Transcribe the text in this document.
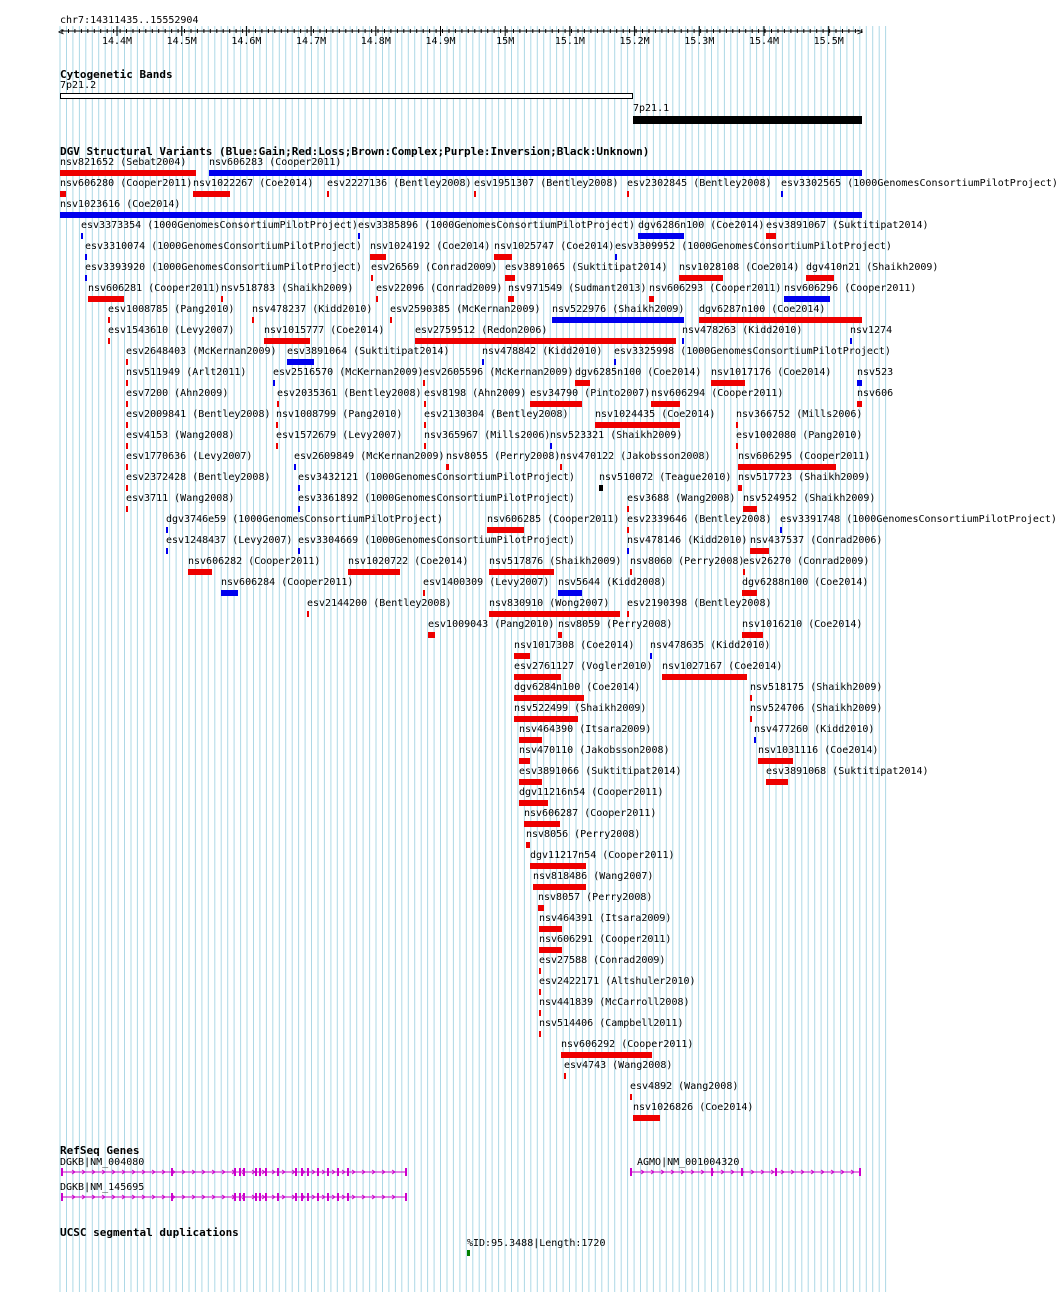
chr7:14311435..15552904
14.4M	14.5M	14.6M	14.7M	14.8M	14.9M	15M	15.1M	15.2M	15.3M	15.4M	15.5M
<	>
Cytogenetic Bands
7p21.2
7p21.1
DGV Structural Variants (Blue:Gain;Red:Loss;Brown:Complex;Purple:Inversion;Black:Unknown)
nsv821652 (Sebat2004) nsv606283 (Cooper2011)
nsv606280 (Cooper2011) nsv1022267 (Coe2014) esv2227136 (Bentley2008) esv1951307 (Bentley2008) esv2302845 (Bentley2008) esv3302565 (1000GenomesConsortiumPilotProject)
nsv1023616 (Coe2014)
esv3373354 (1000GenomesConsortiumPilotProject) esv3385896 (1000GenomesConsortiumPilotProject) dgv6286n100 (Coe2014) esv3891067 (Suktitipat2014)
esv3310074 (1000GenomesConsortiumPilotProject) nsv1024192 (Coe2014) nsv1025747 (Coe2014) esv3309952 (1000GenomesConsortiumPilotProject)
esv3393920 (1000GenomesConsortiumPilotProject) esv26569 (Conrad2009) esv3891065 (Suktitipat2014) nsv1028108 (Coe2014) dgv410n21 (Shaikh2009)
nsv606281 (Cooper2011) nsv518783 (Shaikh2009) esv22096 (Conrad2009) nsv971549 (Sudmant2013) nsv606293 (Cooper2011) nsv606296 (Cooper2011)
esv1008785 (Pang2010) nsv478237 (Kidd2010) esv2590385 (McKernan2009) nsv522976 (Shaikh2009) dgv6287n100 (Coe2014)
esv1543610 (Levy2007)	nsv1015777 (Coe2014)	esv2759512 (Redon2006)	nsv478263 (Kidd2010)	nsv1274
esv2648403 (McKernan2009) esv3891064 (Suktitipat2014)	nsv478842 (Kidd2010) esv3325998 (1000GenomesConsortiumPilotProject)
nsv511949 (Arlt2011)	esv2516570 (McKernan2009) esv2605596 (McKernan2009) dgv6285n100 (Coe2014) nsv1017176 (Coe2014)	nsv523
esv7200 (Ahn2009)	esv2035361 (Bentley2008) esv8198 (Ahn2009) esv34790 (Pinto2007) nsv606294 (Cooper2011)	nsv606
esv2009841 (Bentley2008) nsv1008799 (Pang2010) esv2130304 (Bentley2008)	nsv1024435 (Coe2014) nsv366752 (Mills2006)
esv4153 (Wang2008)	esv1572679 (Levy2007) nsv365967 (Mills2006) nsv523321 (Shaikh2009)	esv1002080 (Pang2010)
esv1770636 (Levy2007)	esv2609849 (McKernan2009) nsv8055 (Perry2008) nsv470122 (Jakobsson2008)	nsv606295 (Cooper2011)
esv2372428 (Bentley2008)	esv3432121 (1000GenomesConsortiumPilotProject) nsv510072 (Teague2010) nsv517723 (Shaikh2009)
esv3711 (Wang2008)	esv3361892 (1000GenomesConsortiumPilotProject)	esv3688 (Wang2008) nsv524952 (Shaikh2009)
dgv3746e59 (1000GenomesConsortiumPilotProject)	nsv606285 (Cooper2011) esv2339646 (Bentley2008) esv3391748 (1000GenomesConsortiumPilotProject)
esv1248437 (Levy2007) esv3304669 (1000GenomesConsortiumPilotProject)	nsv478146 (Kidd2010) nsv437537 (Conrad2006)
nsv606282 (Cooper2011)	nsv1020722 (Coe2014) nsv517876 (Shaikh2009) nsv8060 (Perry2008)
esv26270 (Conrad2009)
nsv606284 (Cooper2011)	esv1400309 (Levy2007) nsv5644 (Kidd2008)	dgv6288n100 (Coe2014)
esv2144200 (Bentley2008)	nsv830910 (Wong2007) esv2190398 (Bentley2008)
esv1009043 (Pang2010) nsv8059 (Perry2008)	nsv1016210 (Coe2014)
nsv1017308 (Coe2014) nsv478635 (Kidd2010)
esv2761127 (Vogler2010) nsv1027167 (Coe2014)
dgv6284n100 (Coe2014)	nsv518175 (Shaikh2009)
nsv522499 (Shaikh2009)	nsv524706 (Shaikh2009)
nsv464390 (Itsara2009)	nsv477260 (Kidd2010)
nsv470110 (Jakobsson2008)	nsv1031116 (Coe2014)
esv3891066 (Suktitipat2014)	esv3891068 (Suktitipat2014)
dgv11216n54 (Cooper2011)
nsv606287 (Cooper2011)
nsv8056 (Perry2008)
dgv11217n54 (Cooper2011)
nsv818486 (Wang2007)
nsv8057 (Perry2008)
nsv464391 (Itsara2009)
nsv606291 (Cooper2011)
esv27588 (Conrad2009)
esv2422171 (Altshuler2010)
nsv441839 (McCarroll2008)
nsv514406 (Campbell2011)
nsv606292 (Cooper2011)
esv4743 (Wang2008)
esv4892 (Wang2008)
nsv1026826 (Coe2014)
RefSeq Genes
DGKB|NM_004080
DGKB|NM_145695
AGMO|NM_001004320
UCSC segmental duplications
%ID:95.3488|Length:1720
